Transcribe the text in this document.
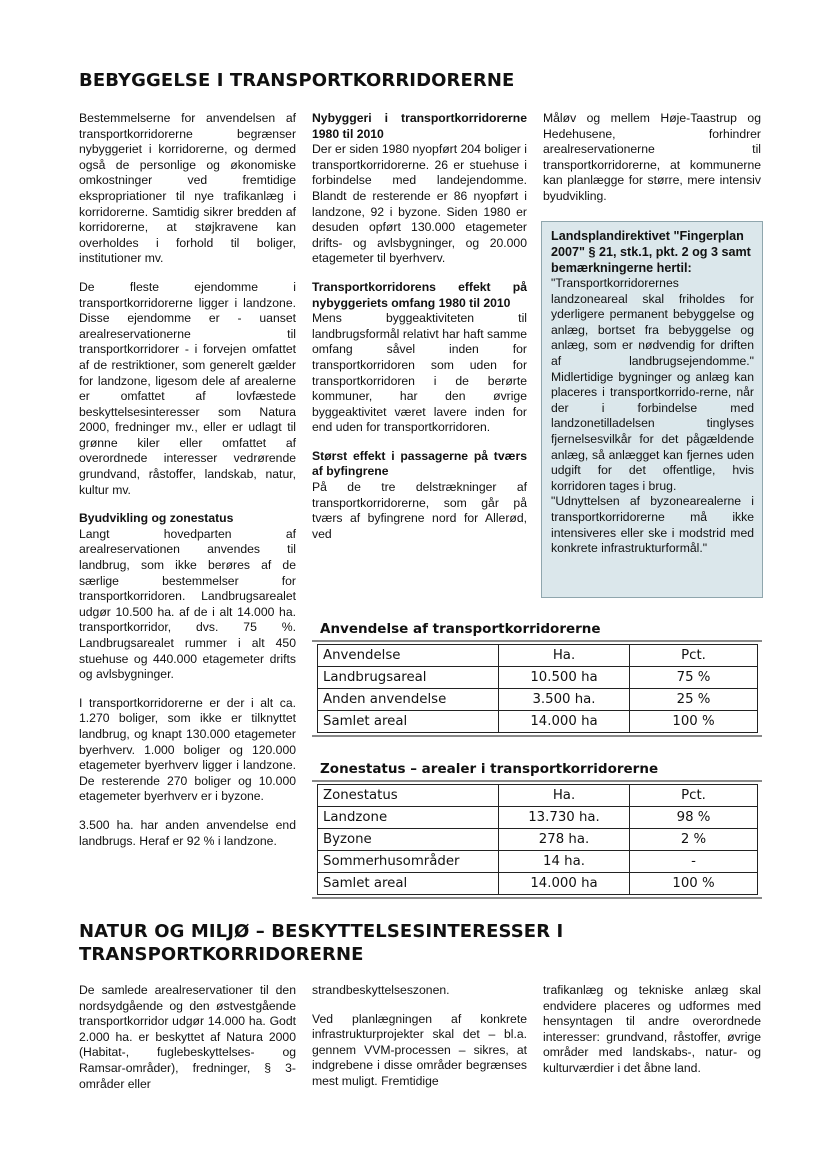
BEBYGGELSE I TRANSPORTKORRIDORERNE

Bestemmelserne for anvendelsen af transportkorridorerne begrænser nybyggeriet i korridorerne, og dermed også de personlige og økonomiske omkostninger ved fremtidige ekspropriationer til nye trafikanlæg i korridorerne. Samtidig sikrer bredden af korridorerne, at støjkravene kan overholdes i forhold til boliger, institutioner mv.

De fleste ejendomme i transportkorridorerne ligger i landzone. Disse ejendomme er - uanset arealreservationerne til transportkorridorer - i forvejen omfattet af de restriktioner, som generelt gælder for landzone, ligesom dele af arealerne er omfattet af lovfæstede beskyttelsesinteresser som Natura 2000, fredninger mv., eller er udlagt til grønne kiler eller omfattet af overordnede interesser vedrørende grundvand, råstoffer, landskab, natur, kultur mv.

Byudvikling og zonestatus

Langt hovedparten af arealreservationen anvendes til landbrug, som ikke berøres af de særlige bestemmelser for transportkorridoren. Landbrugsarealet udgør 10.500 ha. af de i alt 14.000 ha. transportkorridor, dvs. 75 %. Landbrugsarealet rummer i alt 450 stuehuse og 440.000 etagemeter drifts og avlsbygninger.

I transportkorridorerne er der i alt ca. 1.270 boliger, som ikke er tilknyttet landbrug, og knapt 130.000 etagemeter byerhverv. 1.000 boliger og 120.000 etagemeter byerhverv ligger i landzone. De resterende 270 boliger og 10.000 etagemeter byerhverv er i byzone.

3.500 ha. har anden anvendelse end landbrugs. Heraf er 92 % i landzone.

Nybyggeri i transportkorridorerne 1980 til 2010

Der er siden 1980 nyopført 204 boliger i transportkorridorerne. 26 er stuehuse i forbindelse med landejendomme. Blandt de resterende er 86 nyopført i landzone, 92 i byzone. Siden 1980 er desuden opført 130.000 etagemeter drifts- og avlsbygninger, og 20.000 etagemeter til byerhverv.

Transportkorridorens effekt på nybyggeriets omfang 1980 til 2010

Mens byggeaktiviteten til landbrugsformål relativt har haft samme omfang såvel inden for transportkorridoren som uden for transportkorridoren i de berørte kommuner, har den øvrige byggeaktivitet været lavere inden for end uden for transportkorridoren.

Størst effekt i passagerne på tværs af byfingrene

På de tre delstrækninger af transportkorridorerne, som går på tværs af byfingrene nord for Allerød, ved

Måløv og mellem Høje-Taastrup og Hedehusene, forhindrer arealreservationerne til transportkorridorerne, at kommunerne kan planlægge for større, mere intensiv byudvikling.

Landsplandirektivet "Fingerplan 2007" § 21, stk.1, pkt. 2 og 3 samt bemærkningerne hertil:

"Transportkorridorernes landzoneareal skal friholdes for yderligere permanent bebyggelse og anlæg, bortset fra bebyggelse og anlæg, som er nødvendig for driften af landbrugsejendomme." Midlertidige bygninger og anlæg kan placeres i transportkorrido-rerne, når der i forbindelse med landzonetilladelsen tinglyses fjernelsesvilkår for det pågældende anlæg, så anlægget kan fjernes uden udgift for det offentlige, hvis korridoren tages i brug.

"Udnyttelsen af byzonearealerne i transportkorridorerne må ikke intensiveres eller ske i modstrid med konkrete infrastrukturformål."

Anvendelse af transportkorridorerne
Anvendelse	Ha.	Pct.
Landbrugsareal	10.500 ha	75 %
Anden anvendelse	3.500 ha.	25 %
Samlet areal	14.000 ha	100 %
Zonestatus – arealer i transportkorridorerne
Zonestatus	Ha.	Pct.
Landzone	13.730 ha.	98 %
Byzone	278 ha.	2 %
Sommerhusområder	14 ha.	-
Samlet areal	14.000 ha	100 %
NATUR OG MILJØ – BESKYTTELSESINTERESSER I
TRANSPORTKORRIDORERNE

De samlede arealreservationer til den nordsydgående og den østvestgående transportkorridor udgør 14.000 ha. Godt 2.000 ha. er beskyttet af Natura 2000 (Habitat-, fuglebeskyttelses- og Ramsar-områder), fredninger, § 3-områder eller

strandbeskyttelseszonen.

Ved planlægningen af konkrete infrastrukturprojekter skal det – bl.a. gennem VVM-processen – sikres, at indgrebene i disse områder begrænses mest muligt. Fremtidige

trafikanlæg og tekniske anlæg skal endvidere placeres og udformes med hensyntagen til andre overordnede interesser: grundvand, råstoffer, øvrige områder med landskabs-, natur- og kulturværdier i det åbne land.
